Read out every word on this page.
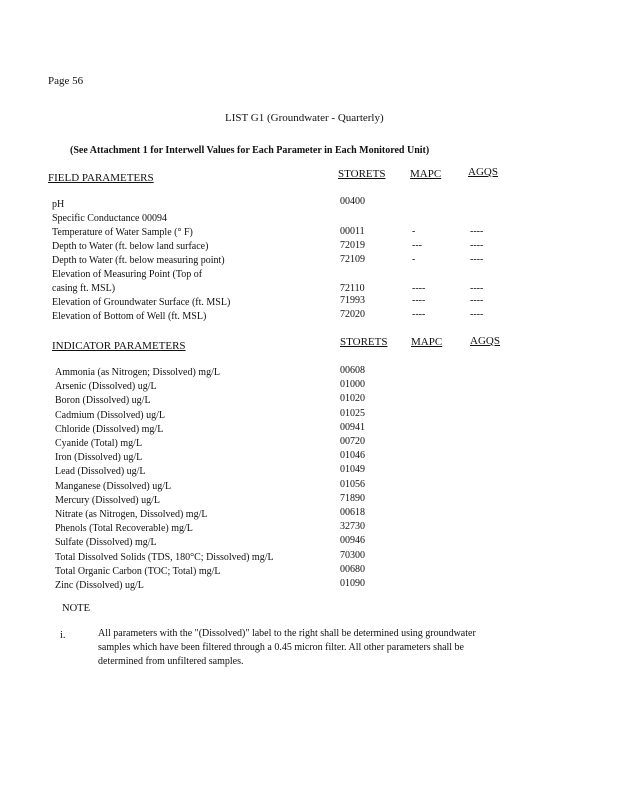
Page 56
LIST G1 (Groundwater - Quarterly)
(See Attachment 1 for Interwell Values for Each Parameter in Each Monitored Unit)
FIELD PARAMETERS	STORETS MAPC AGQS
pH	00400
Specific Conductance 00094
Temperature of Water Sample (° F)	00011	-	----
Depth to Water (ft. below land surface)	72019	---	----
Depth to Water (ft. below measuring point)	72109	-	----
Elevation of Measuring Point (Top of
casing ft. MSL)	72110	----	----
Elevation of Groundwater Surface (ft. MSL)	71993	----	----
Elevation of Bottom of Well (ft. MSL)	72020	----	----
INDICATOR PARAMETERS	STORETS MAPC	AGQS
Ammonia (as Nitrogen; Dissolved) mg/L	00608
Arsenic (Dissolved) ug/L	01000
Boron (Dissolved) ug/L	01020
Cadmium (Dissolved) ug/L	01025
Chloride (Dissolved) mg/L	00941
Cyanide (Total) mg/L	00720
Iron (Dissolved) ug/L	01046
Lead (Dissolved) ug/L	01049
Manganese (Dissolved) ug/L	01056
Mercury (Dissolved) ug/L	71890
Nitrate (as Nitrogen, Dissolved) mg/L	00618
Phenols (Total Recoverable) mg/L	32730
Sulfate (Dissolved) mg/L	00946
Total Dissolved Solids (TDS, 180°C; Dissolved) mg/L	70300
Total Organic Carbon (TOC; Total) mg/L	00680
Zinc (Dissolved) ug/L	01090
NOTE
i.	All parameters with the "(Dissolved)" label to the right shall be determined using groundwater samples which have been filtered through a 0.45 micron filter. All other parameters shall be determined from unfiltered samples.
